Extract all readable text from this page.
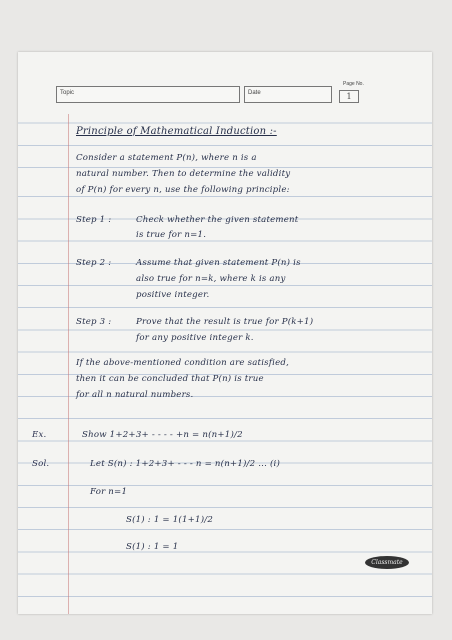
Page No.
Topic	Date	1
Principle of Mathematical Induction :-
Consider a statement P(n), where n is a
natural number. Then to determine the validity
of P(n) for every n, use the following principle:
Step 1 :	Check whether the given statement
is true for n=1.
Step 2 :	Assume that given statement P(n) is
also true for n=k, where k is any
positive integer.
Step 3 :	Prove that the result is true for P(k+1)
for any positive integer k.
If the above-mentioned condition are satisfied,
then it can be concluded that P(n) is true
for all n natural numbers.
Ex.	Show 1+2+3+ - - - - +n = n(n+1)/2
Sol.	Let S(n) : 1+2+3+ - - - n = n(n+1)/2 ... (i)
For n=1
S(1) : 1 = 1(1+1)/2
S(1) : 1 = 1
Classmate
